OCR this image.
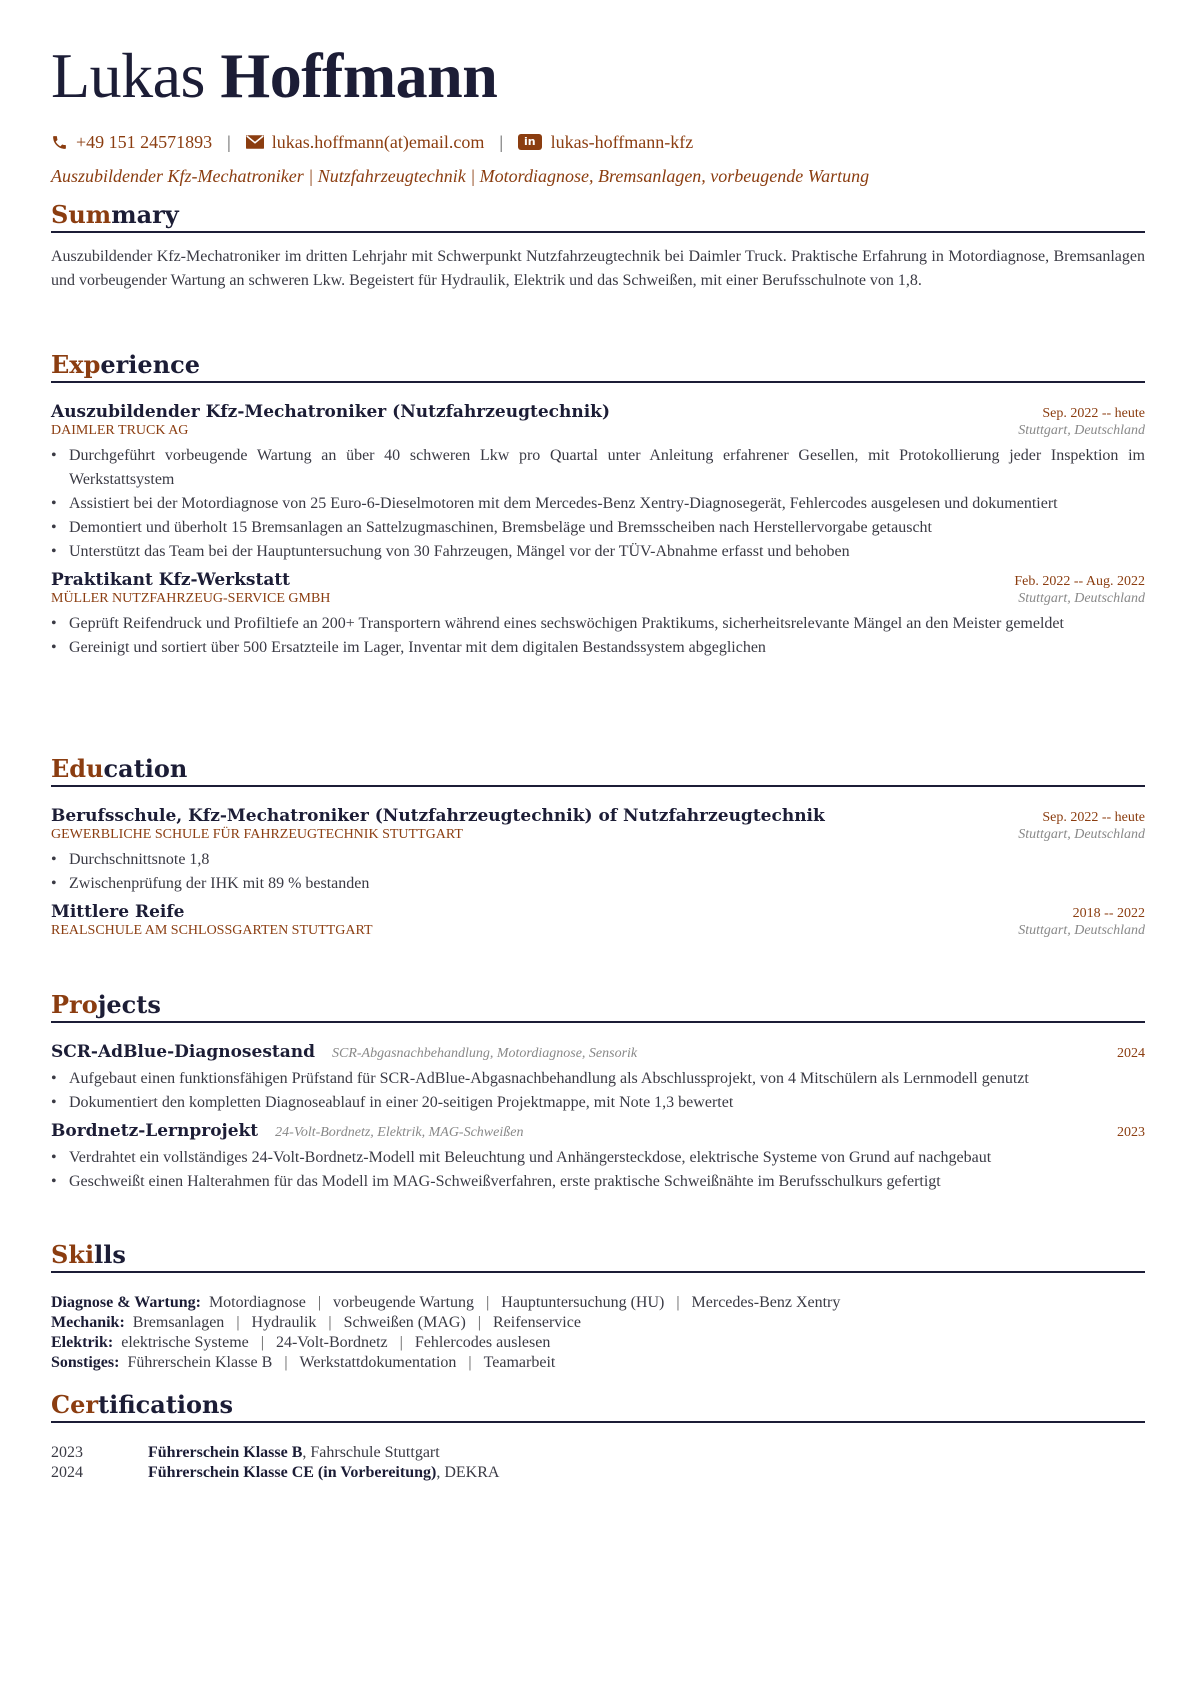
Lukas Hoffmann
+49 151 24571893 | lukas.hoffmann(at)email.com |	in lukas-hoffmann-kfz
Auszubildender Kfz-Mechatroniker | Nutzfahrzeugtechnik | Motordiagnose, Bremsanlagen, vorbeugende Wartung
Summary
Auszubildender Kfz-Mechatroniker im dritten Lehrjahr mit Schwerpunkt Nutzfahrzeugtechnik bei Daimler Truck. Praktische Erfahrung in Motordiagnose, Bremsanlagen und vorbeugender Wartung an schweren Lkw. Begeistert für Hydraulik, Elektrik und das Schweißen, mit einer Berufsschulnote von 1,8.
Experience
Auszubildender Kfz-Mechatroniker (Nutzfahrzeugtechnik)	Sep. 2022 -- heute
DAIMLER TRUCK AG	Stuttgart, Deutschland
• Durchgeführt vorbeugende Wartung an über 40 schweren Lkw pro Quartal unter Anleitung erfahrener Gesellen, mit Protokollierung jeder Inspektion im Werkstattsystem
• Assistiert bei der Motordiagnose von 25 Euro-6-Dieselmotoren mit dem Mercedes-Benz Xentry-Diagnosegerät, Fehlercodes ausgelesen und dokumentiert
• Demontiert und überholt 15 Bremsanlagen an Sattelzugmaschinen, Bremsbeläge und Bremsscheiben nach Herstellervorgabe getauscht
• Unterstützt das Team bei der Hauptuntersuchung von 30 Fahrzeugen, Mängel vor der TÜV-Abnahme erfasst und behoben
Praktikant Kfz-Werkstatt	Feb. 2022 -- Aug. 2022
MÜLLER NUTZFAHRZEUG-SERVICE GMBH	Stuttgart, Deutschland
• Geprüft Reifendruck und Profiltiefe an 200+ Transportern während eines sechswöchigen Praktikums, sicherheitsrelevante Mängel an den Meister gemeldet
• Gereinigt und sortiert über 500 Ersatzteile im Lager, Inventar mit dem digitalen Bestandssystem abgeglichen
Education
Berufsschule, Kfz-Mechatroniker (Nutzfahrzeugtechnik) of Nutzfahrzeugtechnik	Sep. 2022 -- heute
GEWERBLICHE SCHULE FÜR FAHRZEUGTECHNIK STUTTGART	Stuttgart, Deutschland
• Durchschnittsnote 1,8
• Zwischenprüfung der IHK mit 89 % bestanden
Mittlere Reife	2018 -- 2022
REALSCHULE AM SCHLOSSGARTEN STUTTGART	Stuttgart, Deutschland
Projects
SCR-AdBlue-Diagnosestand SCR-Abgasnachbehandlung, Motordiagnose, Sensorik	2024
• Aufgebaut einen funktionsfähigen Prüfstand für SCR-AdBlue-Abgasnachbehandlung als Abschlussprojekt, von 4 Mitschülern als Lernmodell genutzt
• Dokumentiert den kompletten Diagnoseablauf in einer 20-seitigen Projektmappe, mit Note 1,3 bewertet
Bordnetz-Lernprojekt 24-Volt-Bordnetz, Elektrik, MAG-Schweißen	2023
• Verdrahtet ein vollständiges 24-Volt-Bordnetz-Modell mit Beleuchtung und Anhängersteckdose, elektrische Systeme von Grund auf nachgebaut
• Geschweißt einen Halterahmen für das Modell im MAG-Schweißverfahren, erste praktische Schweißnähte im Berufsschulkurs gefertigt
Skills
Diagnose & Wartung: Motordiagnose | vorbeugende Wartung | Hauptuntersuchung (HU) | Mercedes-Benz Xentry
Mechanik: Bremsanlagen | Hydraulik | Schweißen (MAG) | Reifenservice
Elektrik: elektrische Systeme | 24-Volt-Bordnetz | Fehlercodes auslesen
Sonstiges: Führerschein Klasse B | Werkstattdokumentation | Teamarbeit
Certifications
2023	Führerschein Klasse B, Fahrschule Stuttgart
2024	Führerschein Klasse CE (in Vorbereitung), DEKRA
